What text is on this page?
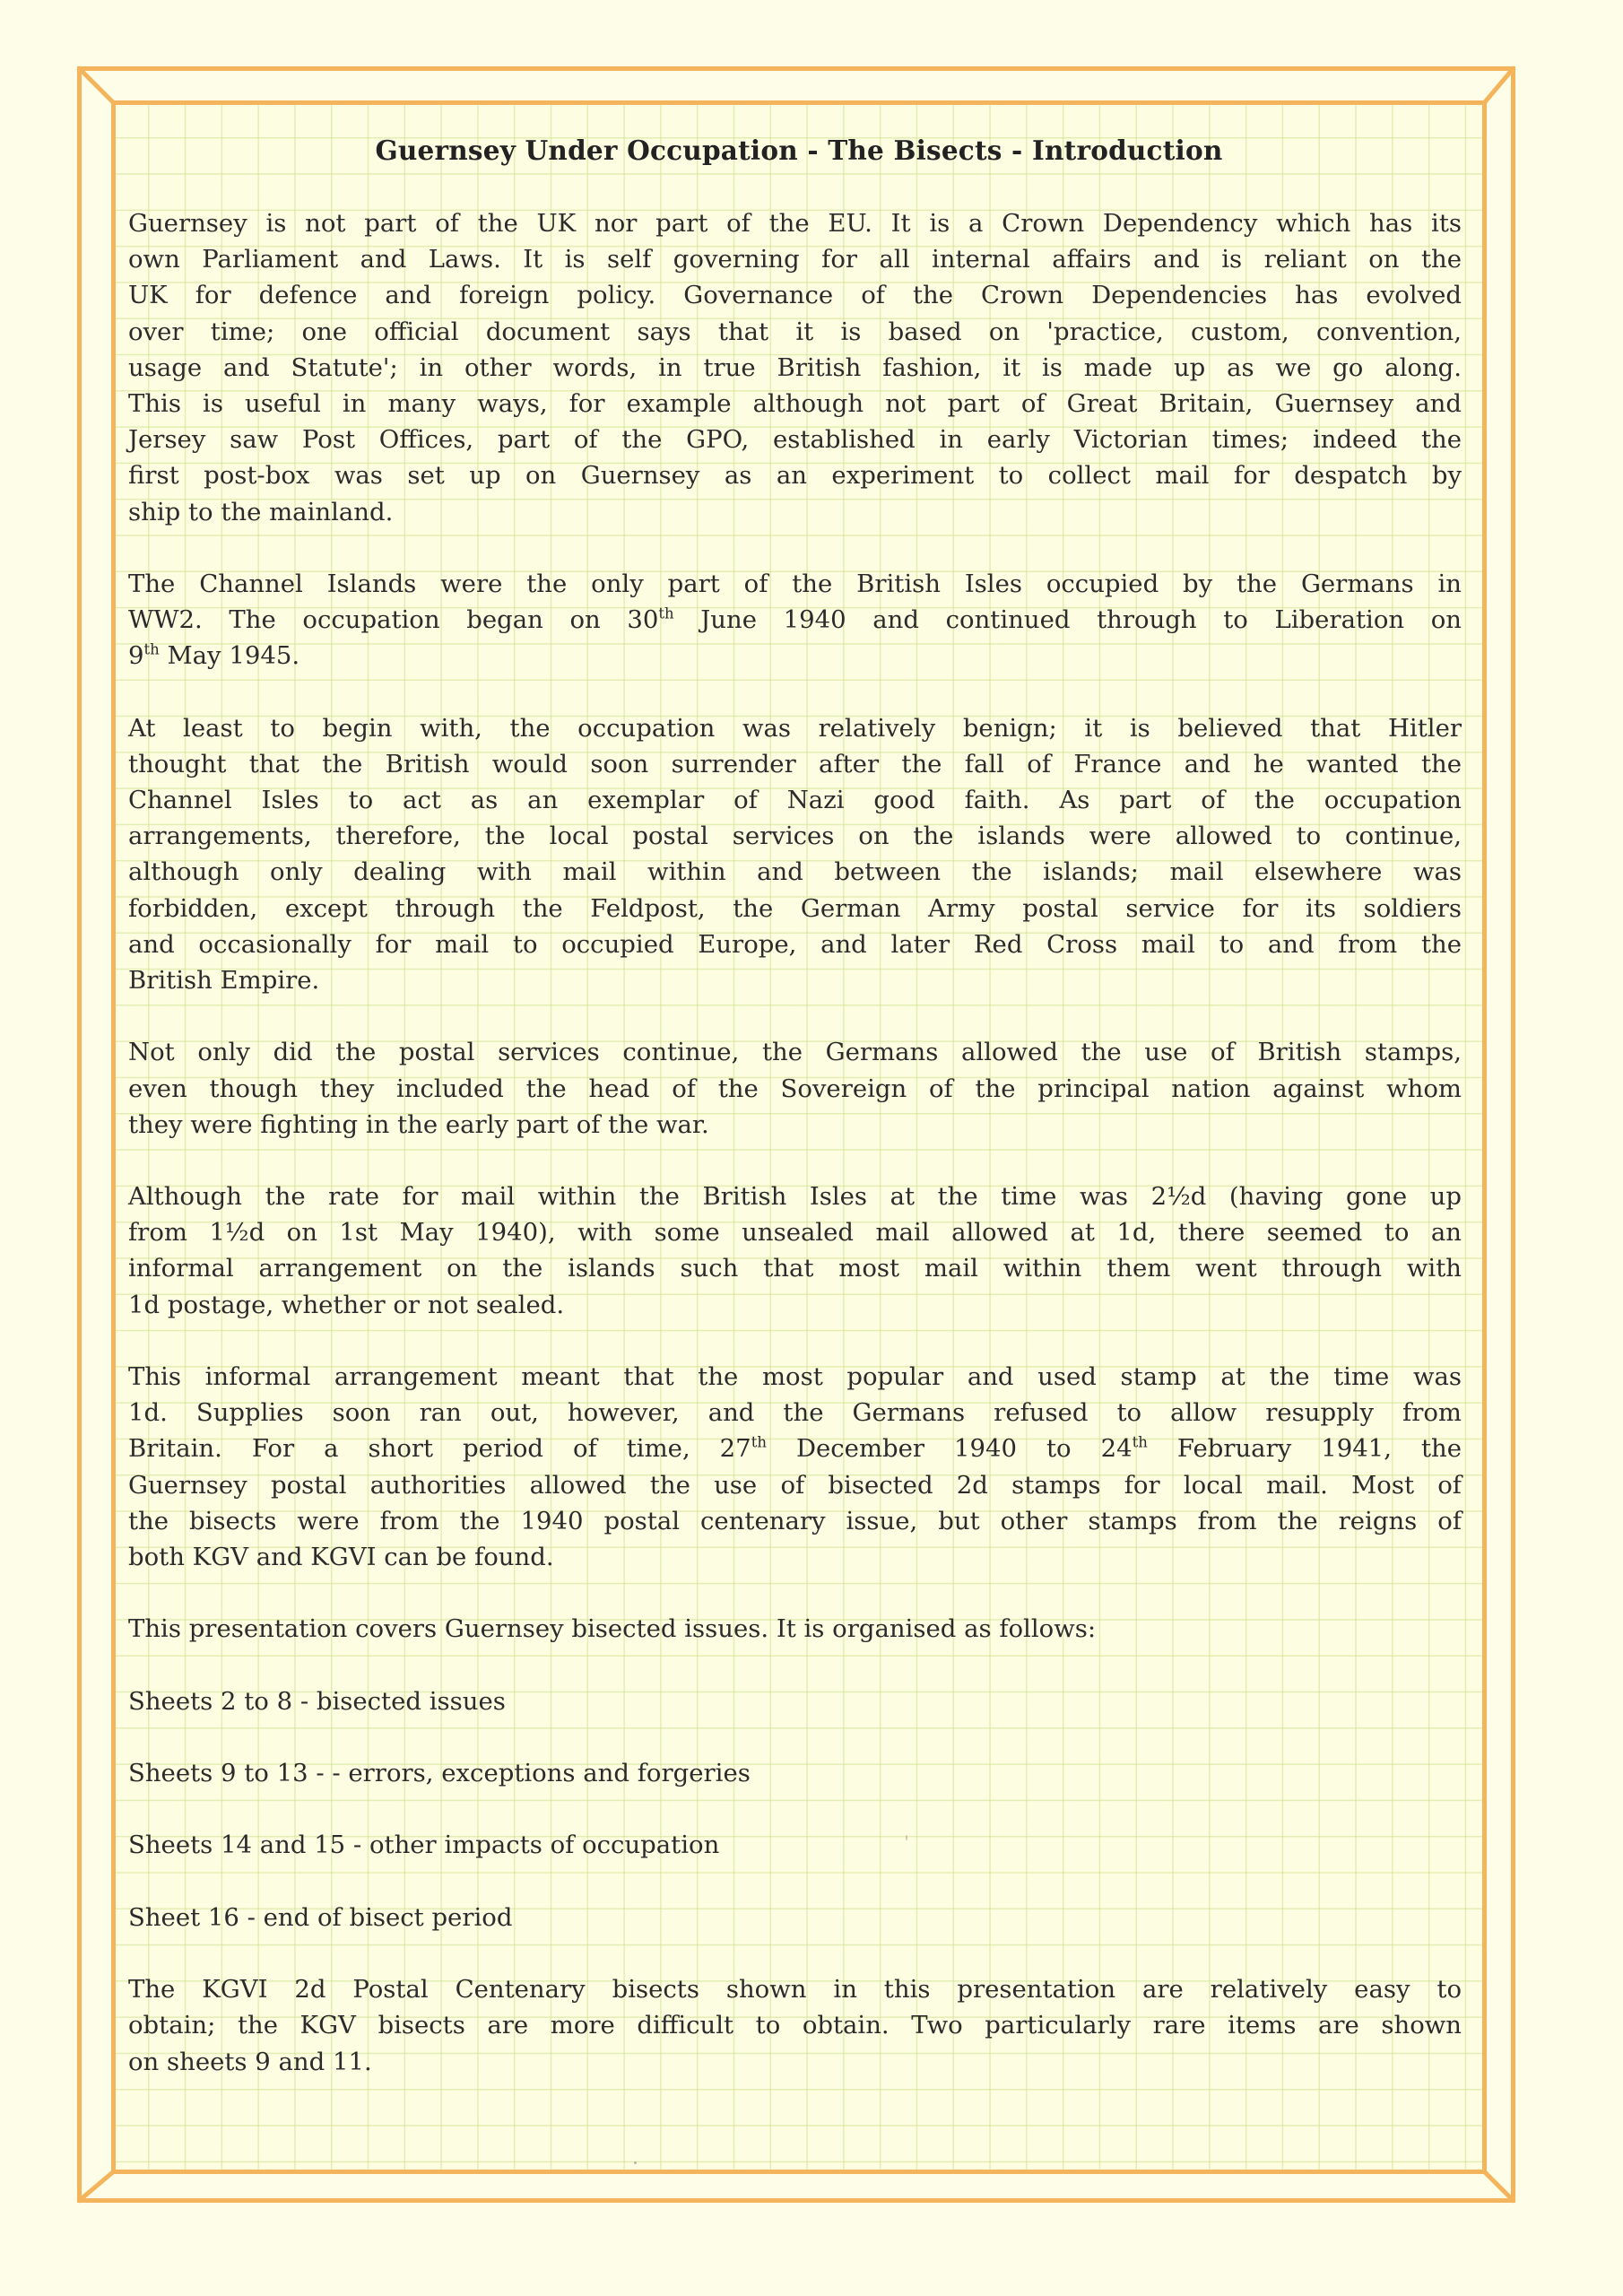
Guernsey Under Occupation - The Bisects - Introduction
Guernsey is not part of the UK nor part of the EU. It is a Crown Dependency which has its
own Parliament and Laws. It is self governing for all internal affairs and is reliant on the
UK for defence and foreign policy. Governance of the Crown Dependencies has evolved
over time; one official document says that it is based on 'practice, custom, convention,
usage and Statute'; in other words, in true British fashion, it is made up as we go along.
This is useful in many ways, for example although not part of Great Britain, Guernsey and
Jersey saw Post Offices, part of the GPO, established in early Victorian times; indeed the
first post-box was set up on Guernsey as an experiment to collect mail for despatch by
ship to the mainland.
The Channel Islands were the only part of the British Isles occupied by the Germans in
WW2. The occupation began on 30th June 1940 and continued through to Liberation on
9th May 1945.
At least to begin with, the occupation was relatively benign; it is believed that Hitler
thought that the British would soon surrender after the fall of France and he wanted the
Channel Isles to act as an exemplar of Nazi good faith. As part of the occupation
arrangements, therefore, the local postal services on the islands were allowed to continue,
although only dealing with mail within and between the islands; mail elsewhere was
forbidden, except through the Feldpost, the German Army postal service for its soldiers
and occasionally for mail to occupied Europe, and later Red Cross mail to and from the
British Empire.
Not only did the postal services continue, the Germans allowed the use of British stamps,
even though they included the head of the Sovereign of the principal nation against whom
they were fighting in the early part of the war.
Although the rate for mail within the British Isles at the time was 2½d (having gone up
from 1½d on 1st May 1940), with some unsealed mail allowed at 1d, there seemed to an
informal arrangement on the islands such that most mail within them went through with
1d postage, whether or not sealed.
This informal arrangement meant that the most popular and used stamp at the time was
1d. Supplies soon ran out, however, and the Germans refused to allow resupply from
Britain. For a short period of time, 27th December 1940 to 24th February 1941, the
Guernsey postal authorities allowed the use of bisected 2d stamps for local mail. Most of
the bisects were from the 1940 postal centenary issue, but other stamps from the reigns of
both KGV and KGVI can be found.
This presentation covers Guernsey bisected issues. It is organised as follows:
Sheets 2 to 8 - bisected issues
Sheets 9 to 13 - - errors, exceptions and forgeries
Sheets 14 and 15 - other impacts of occupation
Sheet 16 - end of bisect period
The KGVI 2d Postal Centenary bisects shown in this presentation are relatively easy to
obtain; the KGV bisects are more difficult to obtain. Two particularly rare items are shown
on sheets 9 and 11.
